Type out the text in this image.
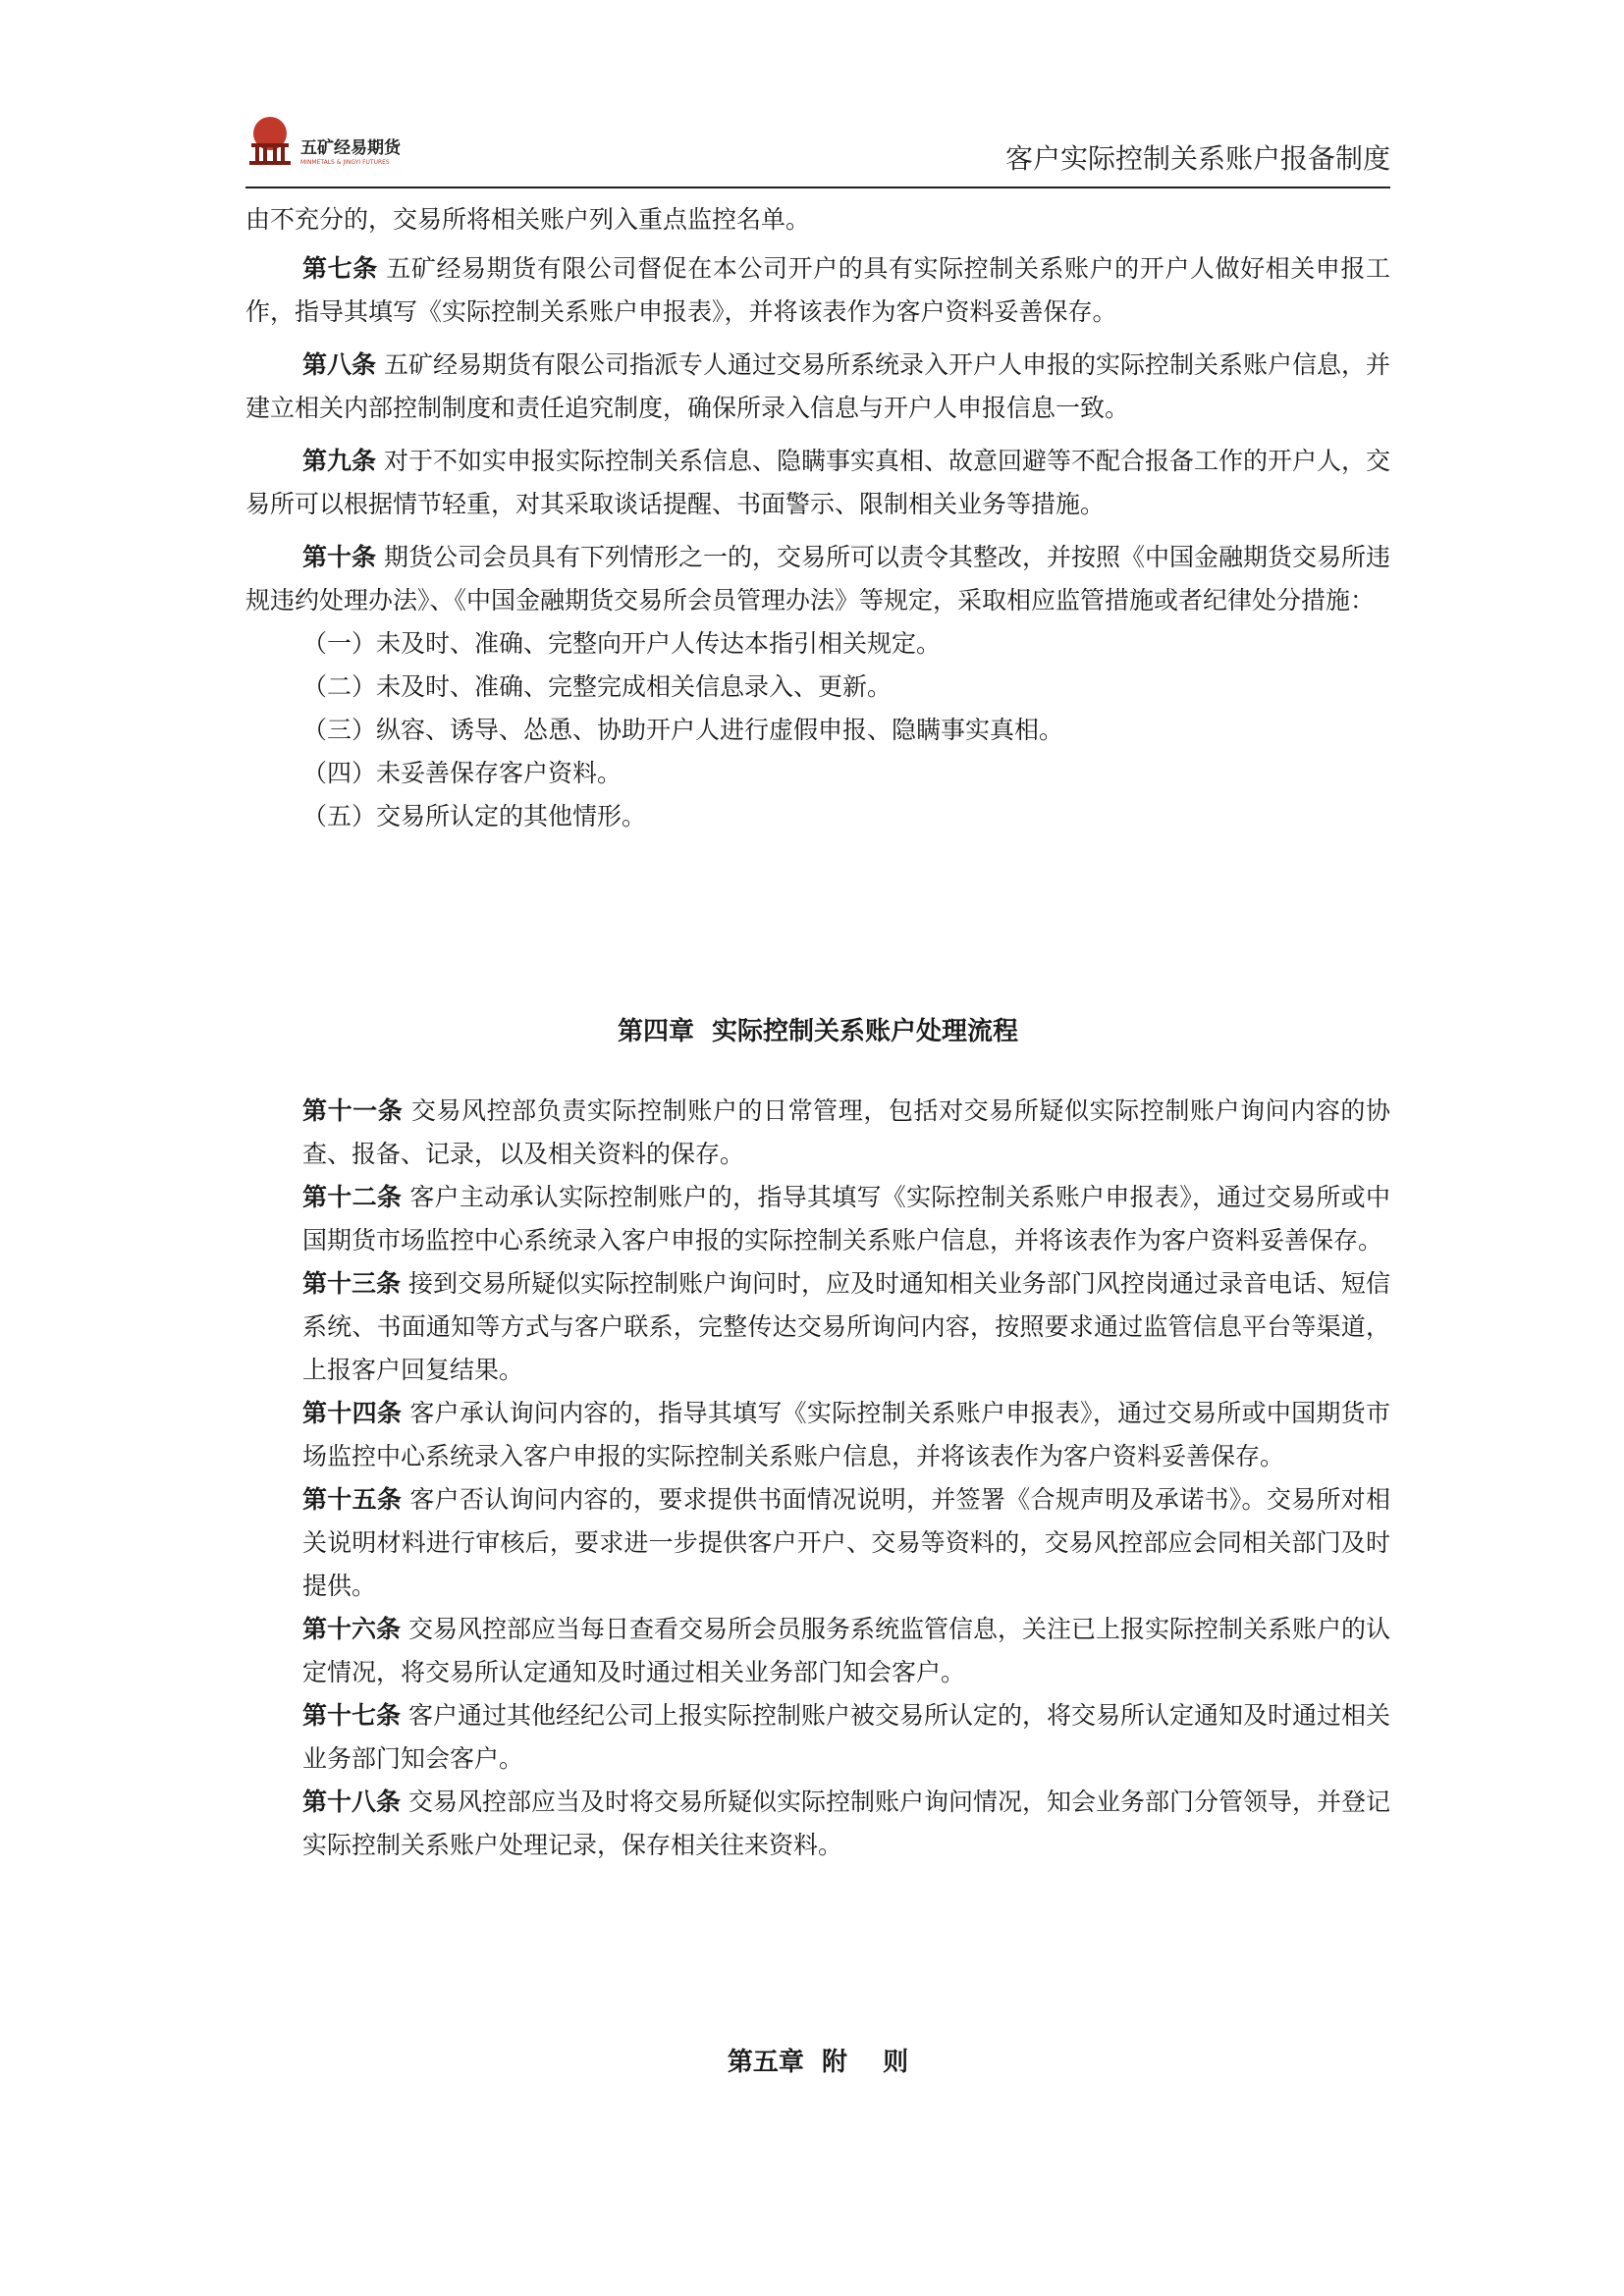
五矿经易期货
MINMETALS & JINGYI FUTURES	客户实际控制关系账户报备制度

由不充分的，交易所将相关账户列入重点监控名单。

第七条 五矿经易期货有限公司督促在本公司开户的具有实际控制关系账户的开户人做好相关申报工作，指导其填写《实际控制关系账户申报表》，并将该表作为客户资料妥善保存。

第八条 五矿经易期货有限公司指派专人通过交易所系统录入开户人申报的实际控制关系账户信息，并建立相关内部控制制度和责任追究制度，确保所录入信息与开户人申报信息一致。

第九条 对于不如实申报实际控制关系信息、隐瞒事实真相、故意回避等不配合报备工作的开户人，交易所可以根据情节轻重，对其采取谈话提醒、书面警示、限制相关业务等措施。

第十条 期货公司会员具有下列情形之一的，交易所可以责令其整改，并按照《中国金融期货交易所违规违约处理办法》、《中国金融期货交易所会员管理办法》等规定，采取相应监管措施或者纪律处分措施：

（一）未及时、准确、完整向开户人传达本指引相关规定。

（二）未及时、准确、完整完成相关信息录入、更新。

（三）纵容、诱导、怂恿、协助开户人进行虚假申报、隐瞒事实真相。

（四）未妥善保存客户资料。

（五）交易所认定的其他情形。

第四章  实际控制关系账户处理流程

第十一条 交易风控部负责实际控制账户的日常管理，包括对交易所疑似实际控制账户询问内容的协查、报备、记录，以及相关资料的保存。

第十二条 客户主动承认实际控制账户的，指导其填写《实际控制关系账户申报表》，通过交易所或中国期货市场监控中心系统录入客户申报的实际控制关系账户信息，并将该表作为客户资料妥善保存。

第十三条 接到交易所疑似实际控制账户询问时，应及时通知相关业务部门风控岗通过录音电话、短信系统、书面通知等方式与客户联系，完整传达交易所询问内容，按照要求通过监管信息平台等渠道，上报客户回复结果。

第十四条 客户承认询问内容的，指导其填写《实际控制关系账户申报表》，通过交易所或中国期货市场监控中心系统录入客户申报的实际控制关系账户信息，并将该表作为客户资料妥善保存。

第十五条 客户否认询问内容的，要求提供书面情况说明，并签署《合规声明及承诺书》。交易所对相关说明材料进行审核后，要求进一步提供客户开户、交易等资料的，交易风控部应会同相关部门及时提供。

第十六条 交易风控部应当每日查看交易所会员服务系统监管信息，关注已上报实际控制关系账户的认定情况，将交易所认定通知及时通过相关业务部门知会客户。

第十七条 客户通过其他经纪公司上报实际控制账户被交易所认定的，将交易所认定通知及时通过相关业务部门知会客户。

第十八条 交易风控部应当及时将交易所疑似实际控制账户询问情况，知会业务部门分管领导，并登记实际控制关系账户处理记录，保存相关往来资料。

第五章  附    则
